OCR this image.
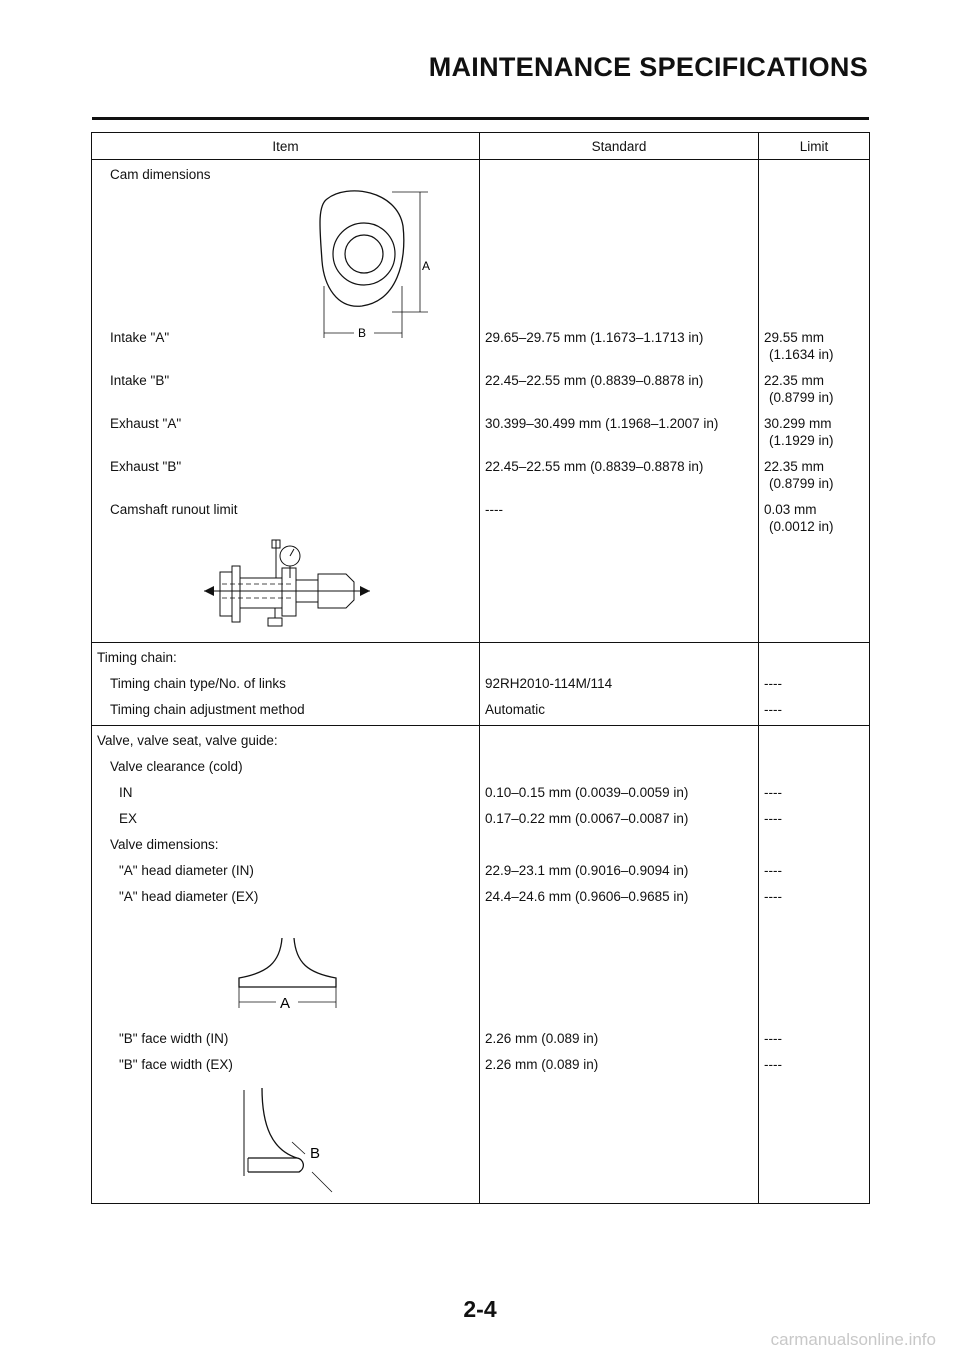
MAINTENANCE SPECIFICATIONS
Item	Standard	Limit

Cam dimensions		

A
B		

Intake "A"	29.65–29.75 mm (1.1673–1.1713 in)	29.55 mm
(1.1634 in)

Intake "B"	22.45–22.55 mm (0.8839–0.8878 in)	22.35 mm
(0.8799 in)

Exhaust "A"	30.399–30.499 mm (1.1968–1.2007 in)	30.299 mm
(1.1929 in)

Exhaust "B"	22.45–22.55 mm (0.8839–0.8878 in)	22.35 mm
(0.8799 in)

Camshaft runout limit	----	0.03 mm
(0.0012 in)

Timing chain:		

Timing chain type/No. of links	92RH2010-114M/114	----

Timing chain adjustment method	Automatic	----

Valve, valve seat, valve guide:		

Valve clearance (cold)		

IN	0.10–0.15 mm (0.0039–0.0059 in)	----

EX	0.17–0.22 mm (0.0067–0.0087 in)	----

Valve dimensions:		

"A" head diameter (IN)	22.9–23.1 mm (0.9016–0.9094 in)	----

"A" head diameter (EX)	24.4–24.6 mm (0.9606–0.9685 in)	----

A		

"B" face width (IN)	2.26 mm (0.089 in)	----

"B" face width (EX)	2.26 mm (0.089 in)	----

B		

2-4
carmanualsonline.info
